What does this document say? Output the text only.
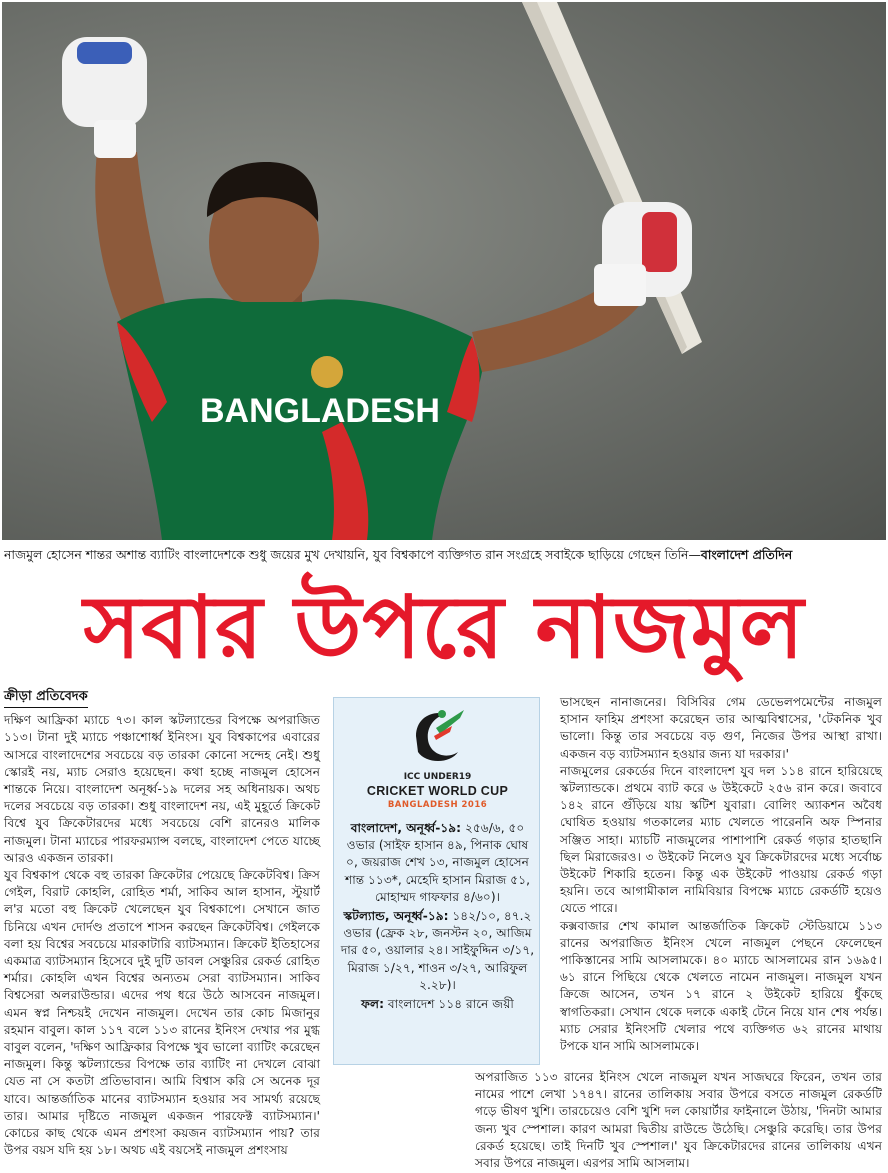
BANGLADESH
নাজমুল হোসেন শান্তর অশান্ত ব্যাটিং বাংলাদেশকে শুধু জয়ের মুখ দেখায়নি, যুব বিশ্বকাপে ব্যক্তিগত রান সংগ্রহে সবাইকে ছাড়িয়ে গেছেন তিনি—বাংলাদেশ প্রতিদিন
সবার উপরে নাজমুল
ক্রীড়া প্রতিবেদক

দক্ষিণ আফ্রিকা ম্যাচে ৭৩। কাল স্কটল্যান্ডের বিপক্ষে অপরাজিত ১১৩। টানা দুই ম্যাচে পঞ্চাশোর্ধ্ব ইনিংস। যুব বিশ্বকাপের এবারের আসরে বাংলাদেশের সবচেয়ে বড় তারকা কোনো সন্দেহ নেই। শুধু স্কোরই নয়, ম্যাচ সেরাও হয়েছেন। কথা হচ্ছে নাজমুল হোসেন শান্তকে নিয়ে। বাংলাদেশ অনূর্ধ্ব-১৯ দলের সহ অধিনায়ক। অথচ দলের সবচেয়ে বড় তারকা। শুধু বাংলাদেশ নয়, এই মুহূর্তে ক্রিকেট বিশ্বে যুব ক্রিকেটারদের মধ্যে সবচেয়ে বেশি রানেরও মালিক নাজমুল। টানা ম্যাচের পারফরম্যান্স বলছে, বাংলাদেশ পেতে যাচ্ছে আরও একজন তারকা।

যুব বিশ্বকাপ থেকে বহু তারকা ক্রিকেটার পেয়েছে ক্রিকেটবিশ্ব। ক্রিস গেইল, বিরাট কোহলি, রোহিত শর্মা, সাকিব আল হাসান, স্টুয়ার্ট ল'র মতো বহু ক্রিকেট খেলেছেন যুব বিশ্বকাপে। সেখানে জাত চিনিয়ে এখন দোর্দণ্ড প্রতাপে শাসন করছেন ক্রিকেটবিশ্ব। গেইলকে বলা হয় বিশ্বের সবচেয়ে মারকাটারি ব্যাটসম্যান। ক্রিকেট ইতিহাসের একমাত্র ব্যাটসম্যান হিসেবে দুই দুটি ডাবল সেঞ্চুরির রেকর্ড রোহিত শর্মার। কোহলি এখন বিশ্বের অন্যতম সেরা ব্যাটসম্যান। সাকিব বিশ্বসেরা অলরাউন্ডার। এদের পথ ধরে উঠে আসবেন নাজমুল। এমন স্বপ্ন নিশ্চয়ই দেখেন নাজমুল। দেখেন তার কোচ মিজানুর রহমান বাবুল। কাল ১১৭ বলে ১১৩ রানের ইনিংস দেখার পর মুগ্ধ বাবুল বলেন, 'দক্ষিণ আফ্রিকার বিপক্ষে খুব ভালো ব্যাটিং করেছেন নাজমুল। কিন্তু স্কটল্যান্ডের বিপক্ষে তার ব্যাটিং না দেখলে বোঝা যেত না সে কতটা প্রতিভাবান। আমি বিশ্বাস করি সে অনেক দূর যাবে। আন্তর্জাতিক মানের ব্যাটসম্যান হওয়ার সব সামর্থ্য রয়েছে তার। আমার দৃষ্টিতে নাজমুল একজন পারফেক্ট ব্যাটসম্যান।' কোচের কাছ থেকে এমন প্রশংসা কয়জন ব্যাটসম্যান পায়? তার উপর বয়স যদি হয় ১৮। অথচ এই বয়সেই নাজমুল প্রশংসায়

ICC UNDER19
CRICKET WORLD CUP
BANGLADESH 2016

বাংলাদেশ, অনূর্ধ্ব-১৯: ২৫৬/৬, ৫০ ওভার (সাইফ হাসান ৪৯, পিনাক ঘোষ ০, জয়রাজ শেখ ১৩, নাজমুল হোসেন শান্ত ১১৩*, মেহেদি হাসান মিরাজ ৫১, মোহাম্মদ গাফফার ৪/৬০)।

স্কটল্যান্ড, অনূর্ধ্ব-১৯: ১৪২/১০, ৪৭.২ ওভার (ফ্রেক ২৮, জনস্টন ২০, আজিম দার ৫০, ওয়ালার ২৪। সাইফুদ্দিন ৩/১৭, মিরাজ ১/২৭, শাওন ৩/২৭, আরিফুল ২.২৮)।

ফল: বাংলাদেশ ১১৪ রানে জয়ী

ভাসছেন নানাজনের। বিসিবির গেম ডেভেলপমেন্টের নাজমুল হাসান ফাহিম প্রশংসা করেছেন তার আত্মবিশ্বাসের, 'টেকনিক খুব ভালো। কিন্তু তার সবচেয়ে বড় গুণ, নিজের উপর আস্থা রাখা। একজন বড় ব্যাটসম্যান হওয়ার জন্য যা দরকার।'

নাজমুলের রেকর্ডের দিনে বাংলাদেশ যুব দল ১১৪ রানে হারিয়েছে স্কটল্যান্ডকে। প্রথমে ব্যাট করে ৬ উইকেটে ২৫৬ রান করে। জবাবে ১৪২ রানে গুঁড়িয়ে যায় স্কটিশ যুবারা। বোলিং অ্যাকশন অবৈধ ঘোষিত হওয়ায় গতকালের ম্যাচ খেলতে পারেননি অফ স্পিনার সঞ্জিত সাহা। ম্যাচটি নাজমুলের পাশাপাশি রেকর্ড গড়ার হাতছানি ছিল মিরাজেরও। ৩ উইকেট নিলেও যুব ক্রিকেটারদের মধ্যে সর্বোচ্চ উইকেট শিকারি হতেন। কিন্তু এক উইকেট পাওয়ায় রেকর্ড গড়া হয়নি। তবে আগামীকাল নামিবিয়ার বিপক্ষে ম্যাচে রেকর্ডটি হয়েও যেতে পারে।

কক্সবাজার শেখ কামাল আন্তর্জাতিক ক্রিকেট স্টেডিয়ামে ১১৩ রানের অপরাজিত ইনিংস খেলে নাজমুল পেছনে ফেলেছেন পাকিস্তানের সামি আসলামকে। ৪০ ম্যাচে আসলামের রান ১৬৯৫। ৬১ রানে পিছিয়ে থেকে খেলতে নামেন নাজমুল। নাজমুল যখন ক্রিজে আসেন, তখন ১৭ রানে ২ উইকেট হারিয়ে ধুঁকছে স্বাগতিকরা। সেখান থেকে দলকে একাই টেনে নিয়ে যান শেষ পর্যন্ত। ম্যাচ সেরার ইনিংসটি খেলার পথে ব্যক্তিগত ৬২ রানের মাথায় টপকে যান সামি আসলামকে।

অপরাজিত ১১৩ রানের ইনিংস খেলে নাজমুল যখন সাজঘরে ফিরেন, তখন তার নামের পাশে লেখা ১৭৪৭। রানের তালিকায় সবার উপরে বসতে নাজমুল রেকর্ডটি গড়ে ভীষণ খুশি। তারচেয়েও বেশি খুশি দল কোয়ার্টার ফাইনালে উঠায়, 'দিনটা আমার জন্য খুব স্পেশাল। কারণ আমরা দ্বিতীয় রাউন্ডে উঠেছি। সেঞ্চুরি করেছি। তার উপর রেকর্ড হয়েছে। তাই দিনটি খুব স্পেশাল।' যুব ক্রিকেটারদের রানের তালিকায় এখন সবার উপরে নাজমুল। এরপর সামি আসলাম।
